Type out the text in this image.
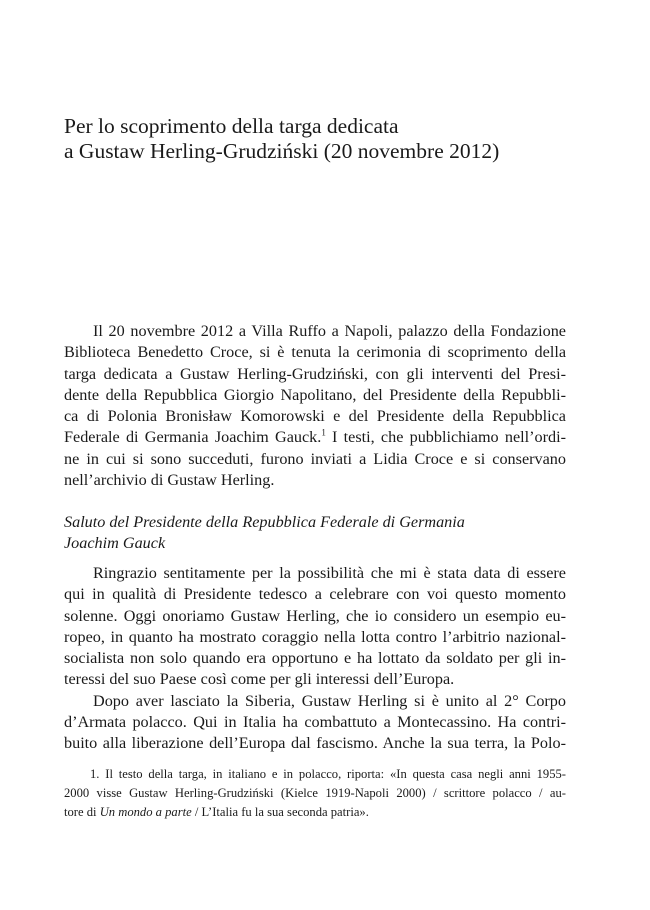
Per lo scoprimento della targa dedicata
a Gustaw Herling-Grudziński (20 novembre 2012)
Il 20 novembre 2012 a Villa Ruffo a Napoli, palazzo della Fondazione
Biblioteca Benedetto Croce, si è tenuta la cerimonia di scoprimento della
targa dedicata a Gustaw Herling-Grudziński, con gli interventi del Presi-
dente della Repubblica Giorgio Napolitano, del Presidente della Repubbli-
ca di Polonia Bronisław Komorowski e del Presidente della Repubblica
Federale di Germania Joachim Gauck.$^1$ I testi, che pubblichiamo nell’ordi-
ne in cui si sono succeduti, furono inviati a Lidia Croce e si conservano
nell’archivio di Gustaw Herling.
Saluto del Presidente della Repubblica Federale di Germania
Joachim Gauck
Ringrazio sentitamente per la possibilità che mi è stata data di essere
qui in qualità di Presidente tedesco a celebrare con voi questo momento
solenne. Oggi onoriamo Gustaw Herling, che io considero un esempio eu-
ropeo, in quanto ha mostrato coraggio nella lotta contro l’arbitrio nazional-
socialista non solo quando era opportuno e ha lottato da soldato per gli in-
teressi del suo Paese così come per gli interessi dell’Europa.
Dopo aver lasciato la Siberia, Gustaw Herling si è unito al 2° Corpo
d’Armata polacco. Qui in Italia ha combattuto a Montecassino. Ha contri-
buito alla liberazione dell’Europa dal fascismo. Anche la sua terra, la Polo-
1. Il testo della targa, in italiano e in polacco, riporta: «In questa casa negli anni 1955-
2000 visse Gustaw Herling-Grudziński (Kielce 1919-Napoli 2000) / scrittore polacco / au-
tore di Un mondo a parte / L’Italia fu la sua seconda patria».
